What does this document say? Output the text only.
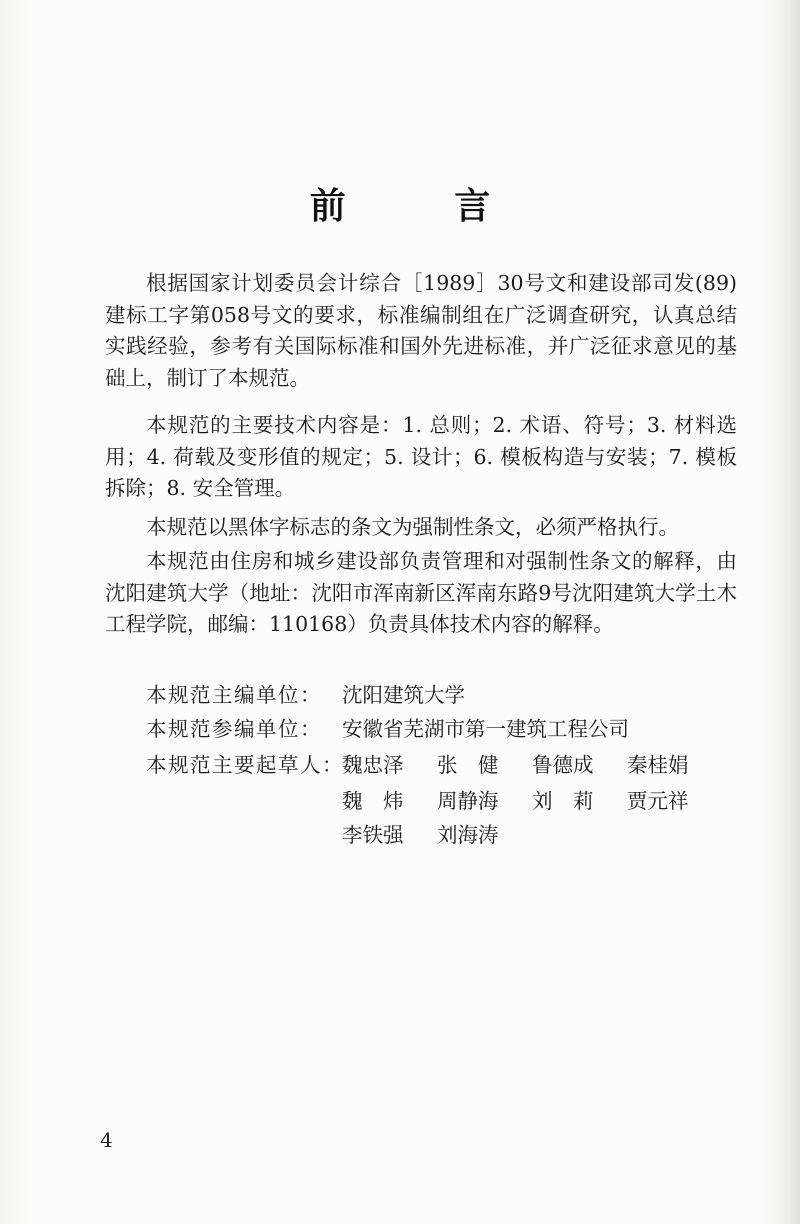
前 言

根据国家计划委员会计综合［1989］30号文和建设部司发(89)建标工字第058号文的要求，标准编制组在广泛调查研究，认真总结实践经验，参考有关国际标准和国外先进标准，并广泛征求意见的基础上，制订了本规范。

本规范的主要技术内容是：1. 总则；2. 术语、符号；3. 材料选用；4. 荷载及变形值的规定；5. 设计；6. 模板构造与安装；7. 模板拆除；8. 安全管理。

本规范以黑体字标志的条文为强制性条文，必须严格执行。

本规范由住房和城乡建设部负责管理和对强制性条文的解释，由沈阳建筑大学（地址：沈阳市浑南新区浑南东路9号沈阳建筑大学土木工程学院，邮编：110168）负责具体技术内容的解释。

本规范主编单位： 沈阳建筑大学
本规范参编单位： 安徽省芜湖市第一建筑工程公司
本规范主要起草人：
魏忠泽 张　健 鲁德成 秦桂娟
魏　炜 周静海 刘　莉 贾元祥
李铁强 刘海涛
4
